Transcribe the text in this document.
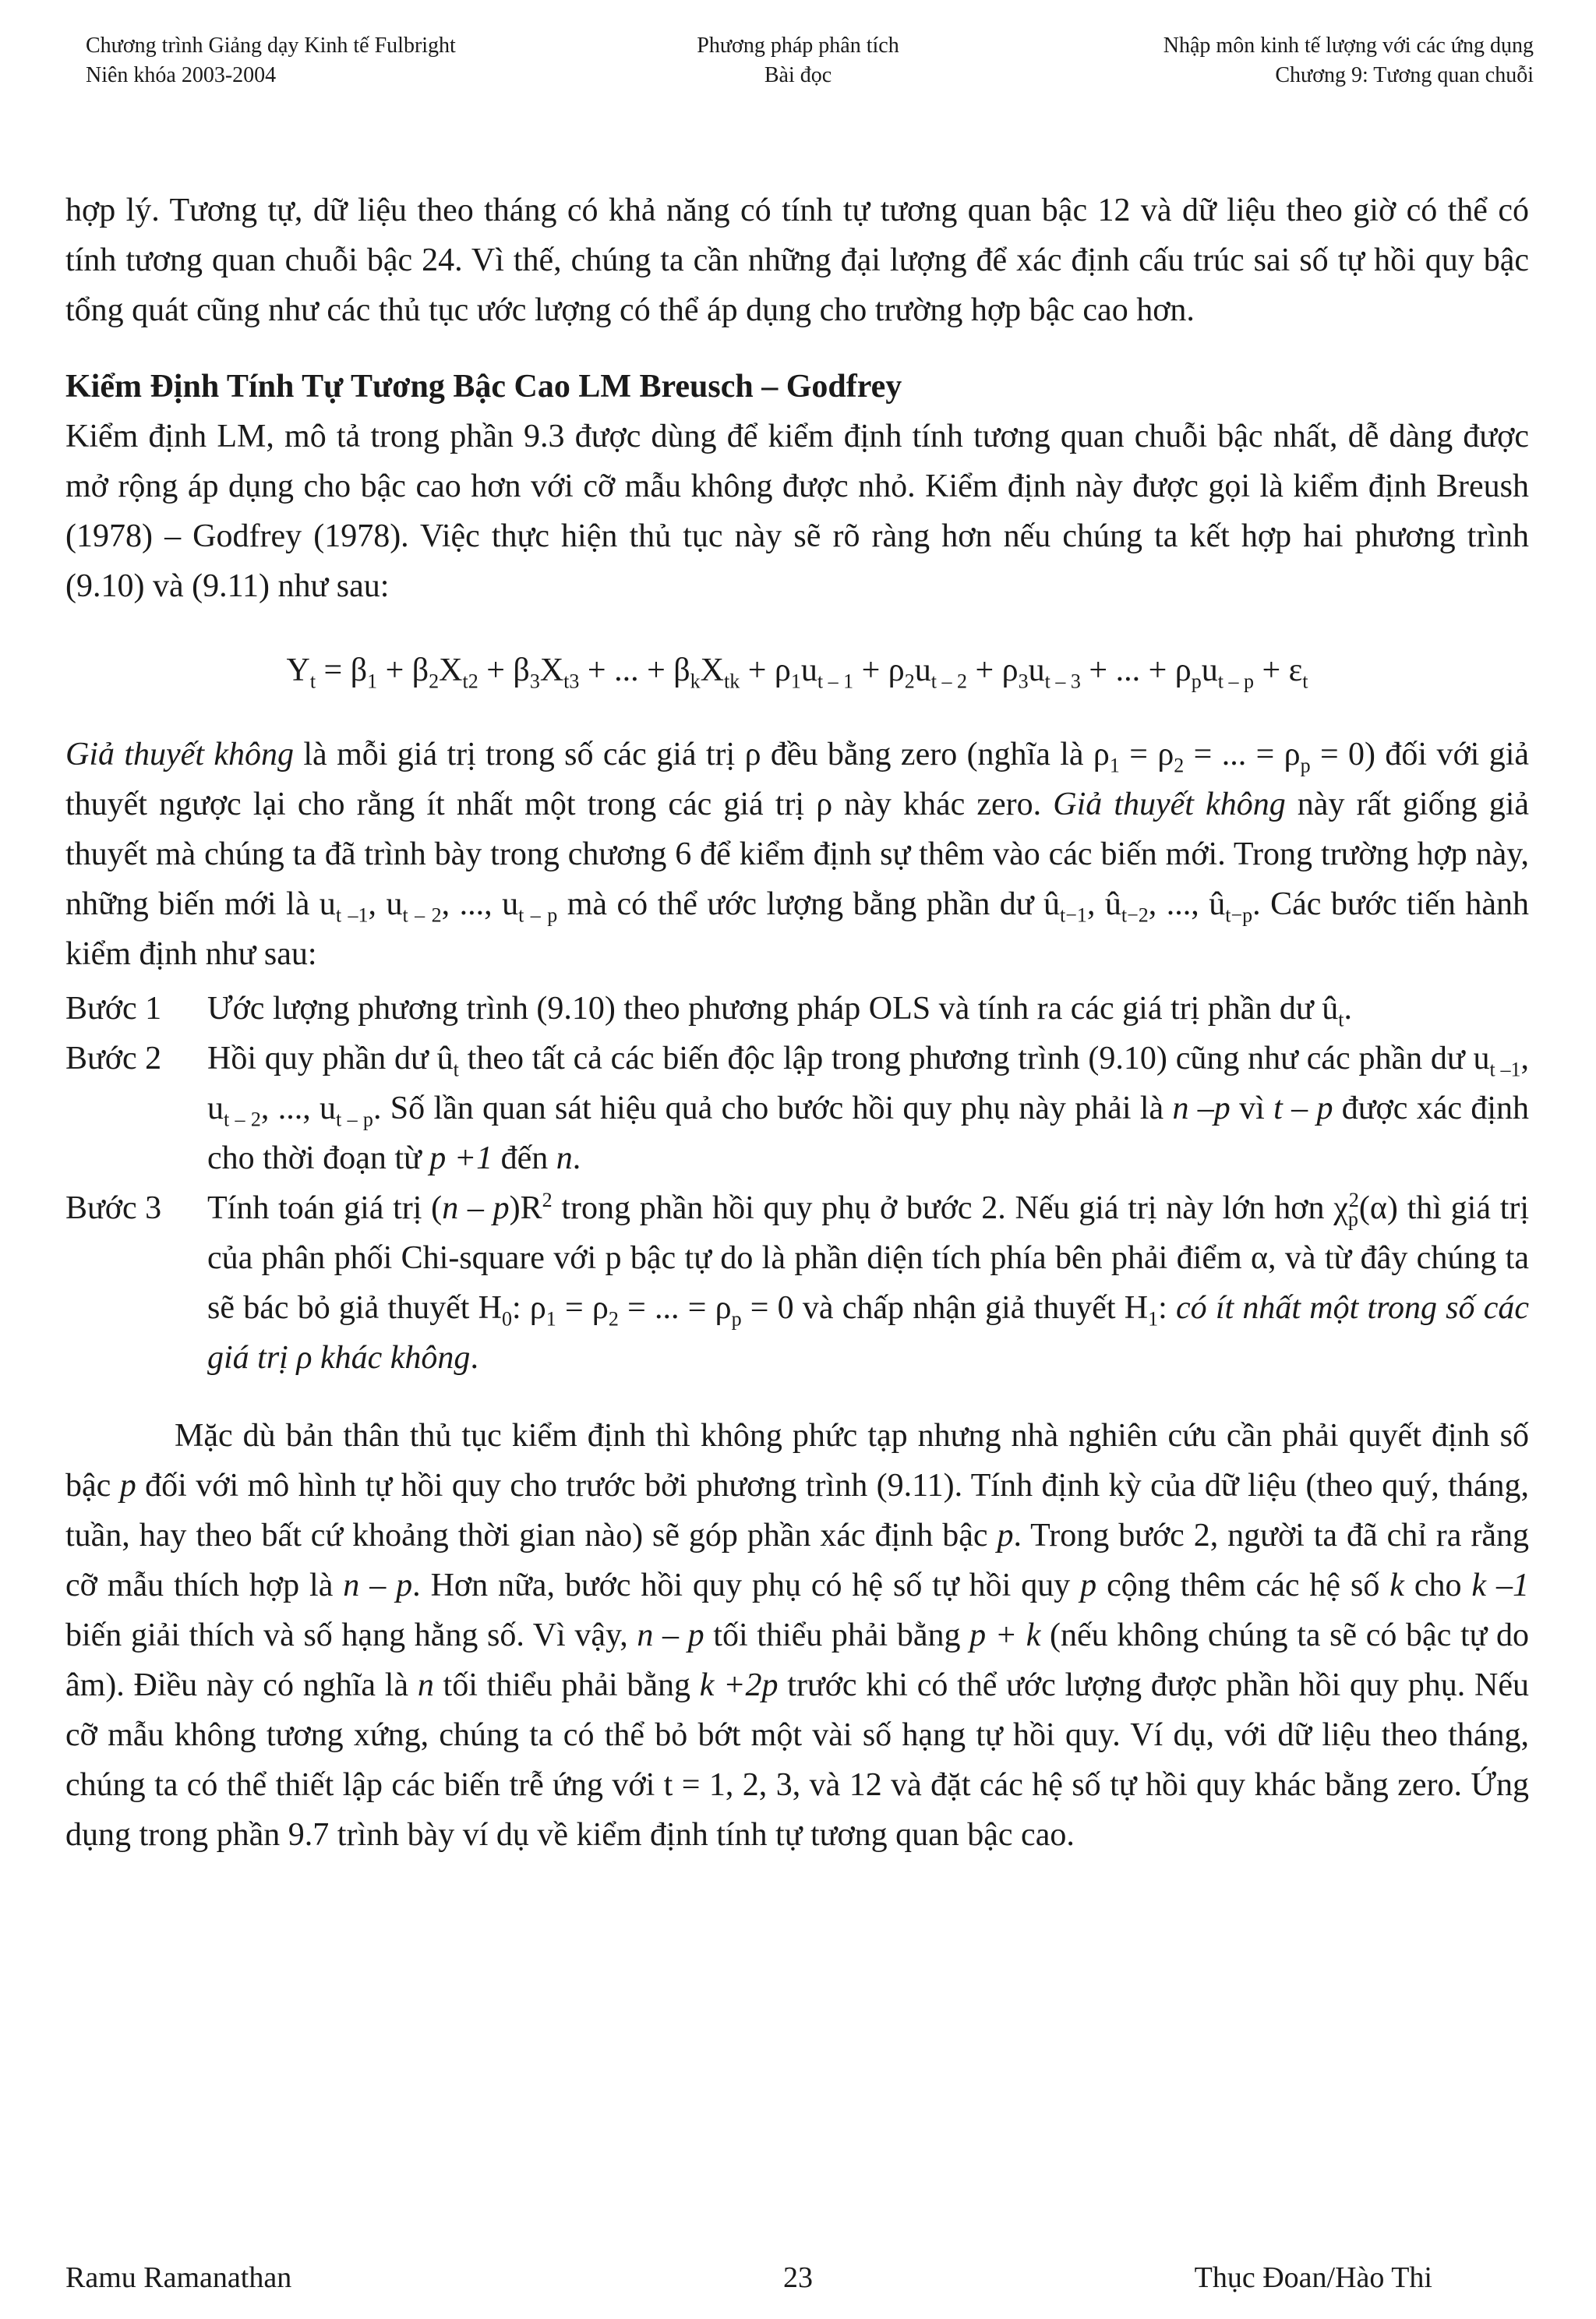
Chương trình Giảng dạy Kinh tế Fulbright
Niên khóa 2003-2004
Phương pháp phân tích
Bài đọc
Nhập môn kinh tế lượng với các ứng dụng
Chương 9: Tương quan chuỗi

hợp lý. Tương tự, dữ liệu theo tháng có khả năng có tính tự tương quan bậc 12 và dữ liệu theo giờ có thể có tính tương quan chuỗi bậc 24. Vì thế, chúng ta cần những đại lượng để xác định cấu trúc sai số tự hồi quy bậc tổng quát cũng như các thủ tục ước lượng có thể áp dụng cho trường hợp bậc cao hơn.

Kiểm Định Tính Tự Tương Bậc Cao LM Breusch – Godfrey

Kiểm định LM, mô tả trong phần 9.3 được dùng để kiểm định tính tương quan chuỗi bậc nhất, dễ dàng được mở rộng áp dụng cho bậc cao hơn với cỡ mẫu không được nhỏ. Kiểm định này được gọi là kiểm định Breush (1978) – Godfrey (1978). Việc thực hiện thủ tục này sẽ rõ ràng hơn nếu chúng ta kết hợp hai phương trình (9.10) và (9.11) như sau:

$Y_t = \beta_1 + \beta_2X_{t2} + \beta_3X_{t3}$ + ... + $\beta_kX_{tk} + \rho_1u_{t - 1} + \rho_2u_{t - 2} + \rho_3u_{t - 3}$ + ... + $\rho_pu_{t - p} + \varepsilon_t$

Giả thuyết không là mỗi giá trị trong số các giá trị ρ đều bằng zero (nghĩa là $\rho_1 = \rho_2$ = ... = $\rho_p = 0$) đối với giả thuyết ngược lại cho rằng ít nhất một trong các giá trị ρ này khác zero. Giả thuyết không này rất giống giả thuyết mà chúng ta đã trình bày trong chương 6 để kiểm định sự thêm vào các biến mới. Trong trường hợp này, những biến mới là $u_{t -1}$, $u_{t - 2}$, ..., $u_{t - p}$ mà có thể ước lượng bằng phần dư $û_{t-1}$, $û_{t-2}$, ..., $û_{t-p}$. Các bước tiến hành kiểm định như sau:

Bước 1	Ước lượng phương trình (9.10) theo phương pháp OLS và tính ra các giá trị phần dư $û_t$.
Bước 2	Hồi quy phần dư $û_t$ theo tất cả các biến độc lập trong phương trình (9.10) cũng như các phần dư $u_{t -1}$, $u_{t - 2}$, ..., $u_{t - p}$. Số lần quan sát hiệu quả cho bước hồi quy phụ này phải là n –p vì t – p được xác định cho thời đoạn từ p +1 đến n.
Bước 3	Tính toán giá trị $(n - p)R^2$ trong phần hồi quy phụ ở bước 2. Nếu giá trị này lớn hơn $\chi_p^2(\alpha)$ thì giá trị của phân phối Chi-square với p bậc tự do là phần diện tích phía bên phải điểm α, và từ đây chúng ta sẽ bác bỏ giả thuyết $H_0$: $\rho_1 = \rho_2$ = ... = $\rho_p = 0$ và chấp nhận giả thuyết $H_1$: có ít nhất một trong số các giá trị ρ khác không.

Mặc dù bản thân thủ tục kiểm định thì không phức tạp nhưng nhà nghiên cứu cần phải quyết định số bậc p đối với mô hình tự hồi quy cho trước bởi phương trình (9.11). Tính định kỳ của dữ liệu (theo quý, tháng, tuần, hay theo bất cứ khoảng thời gian nào) sẽ góp phần xác định bậc p. Trong bước 2, người ta đã chỉ ra rằng cỡ mẫu thích hợp là n – p. Hơn nữa, bước hồi quy phụ có hệ số tự hồi quy p cộng thêm các hệ số k cho k –1 biến giải thích và số hạng hằng số. Vì vậy, n – p tối thiểu phải bằng p + k (nếu không chúng ta sẽ có bậc tự do âm). Điều này có nghĩa là n tối thiểu phải bằng k +2p trước khi có thể ước lượng được phần hồi quy phụ. Nếu cỡ mẫu không tương xứng, chúng ta có thể bỏ bớt một vài số hạng tự hồi quy. Ví dụ, với dữ liệu theo tháng, chúng ta có thể thiết lập các biến trễ ứng với t = 1, 2, 3, và 12 và đặt các hệ số tự hồi quy khác bằng zero. Ứng dụng trong phần 9.7 trình bày ví dụ về kiểm định tính tự tương quan bậc cao.

Ramu Ramanathan	23	Thục Đoan/Hào Thi
